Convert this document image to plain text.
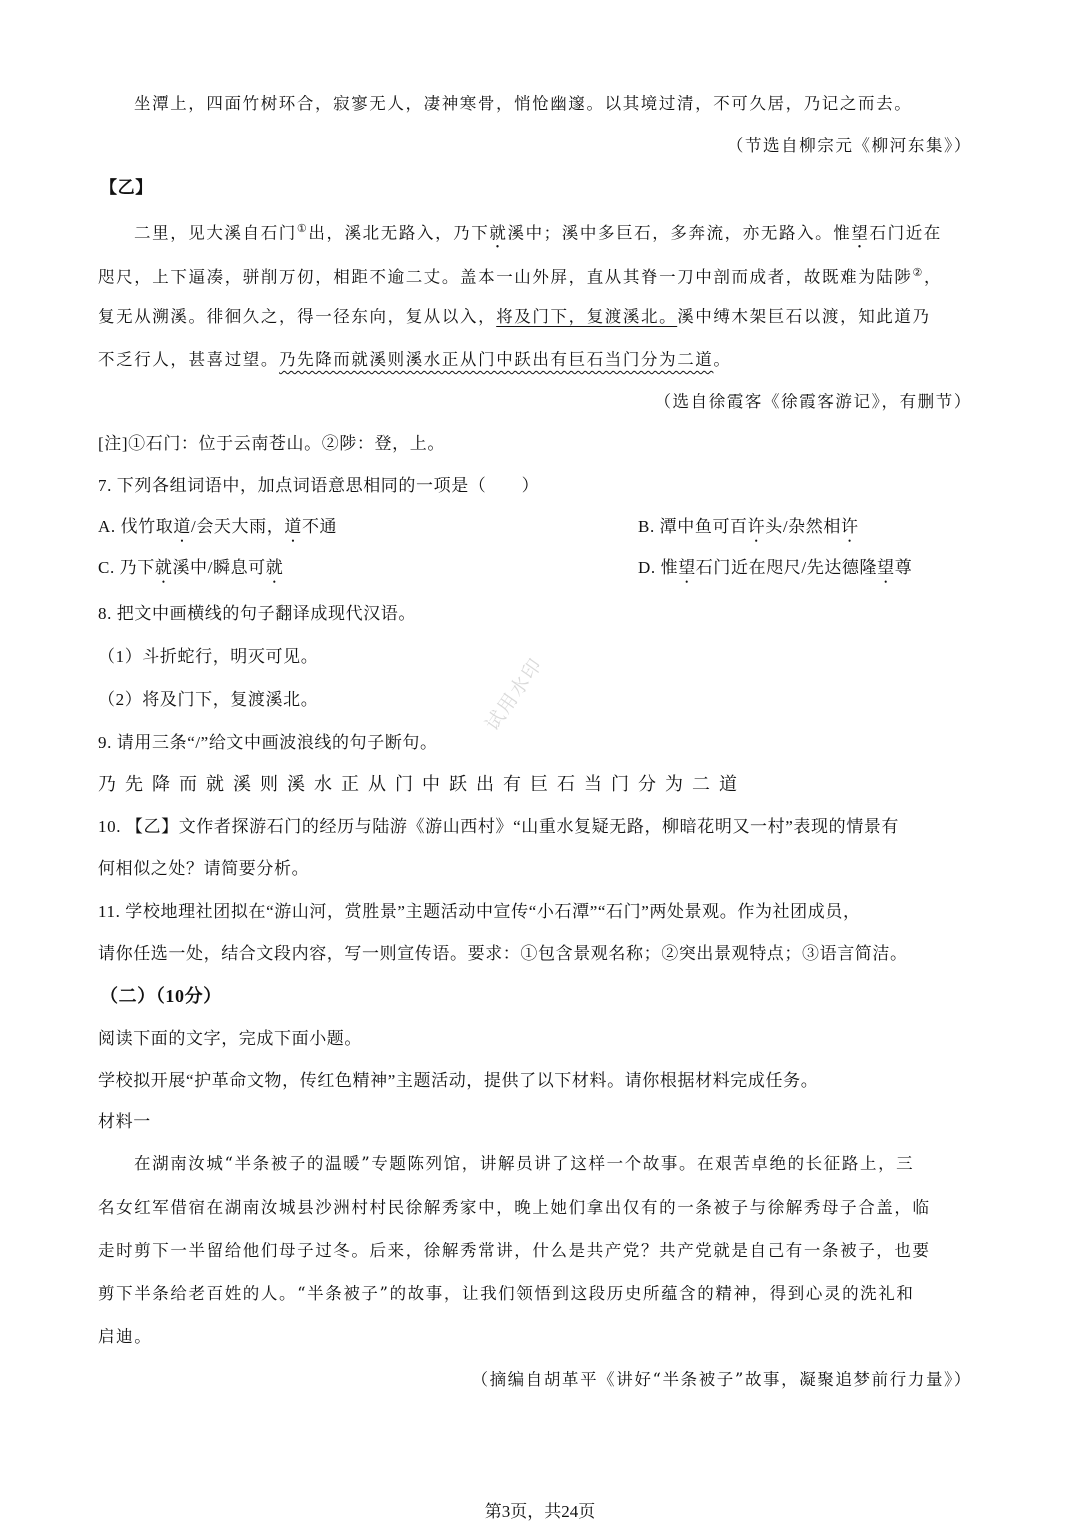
坐潭上，四面竹树环合，寂寥无人，凄神寒骨，悄怆幽邃。以其境过清，不可久居，乃记之而去。
（节选自柳宗元《柳河东集》）
【乙】
二里，见大溪自石门①出，溪北无路入，乃下就溪中；溪中多巨石，多奔流，亦无路入。惟望石门近在
咫尺，上下逼凑，骈削万仞，相距不逾二丈。盖本一山外屏，直从其脊一刀中剖而成者，故既难为陆陟②，
复无从溯溪。徘徊久之，得一径东向，复从以入，将及门下，复渡溪北。溪中缚木架巨石以渡，知此道乃
不乏行人，甚喜过望。乃先降而就溪则溪水正从门中跃出有巨石当门分为二道。
（选自徐霞客《徐霞客游记》，有删节）
[注]①石门：位于云南苍山。②陟：登，上。
7. 下列各组词语中，加点词语意思相同的一项是（　　）
A. 伐竹取道/会天大雨，道不通	B. 潭中鱼可百许头/杂然相许
C. 乃下就溪中/瞬息可就	D. 惟望石门近在咫尺/先达德隆望尊
8. 把文中画横线的句子翻译成现代汉语。
（1）斗折蛇行，明灭可见。
（2）将及门下，复渡溪北。
9. 请用三条“/”给文中画波浪线的句子断句。
乃先降而就溪则溪水正从门中跃出有巨石当门分为二道
10. 【乙】文作者探游石门的经历与陆游《游山西村》“山重水复疑无路，柳暗花明又一村”表现的情景有
何相似之处？请简要分析。
11. 学校地理社团拟在“游山河，赏胜景”主题活动中宣传“小石潭”“石门”两处景观。作为社团成员，
请你任选一处，结合文段内容，写一则宣传语。要求：①包含景观名称；②突出景观特点；③语言简洁。
（二）（10分）
阅读下面的文字，完成下面小题。
学校拟开展“护革命文物，传红色精神”主题活动，提供了以下材料。请你根据材料完成任务。
材料一
在湖南汝城“半条被子的温暖”专题陈列馆，讲解员讲了这样一个故事。在艰苦卓绝的长征路上，三
名女红军借宿在湖南汝城县沙洲村村民徐解秀家中，晚上她们拿出仅有的一条被子与徐解秀母子合盖，临
走时剪下一半留给他们母子过冬。后来，徐解秀常讲，什么是共产党？共产党就是自己有一条被子，也要
剪下半条给老百姓的人。“半条被子”的故事，让我们领悟到这段历史所蕴含的精神，得到心灵的洗礼和
启迪。
（摘编自胡革平《讲好“半条被子”故事，凝聚追梦前行力量》）
试用水印
第3页，共24页
